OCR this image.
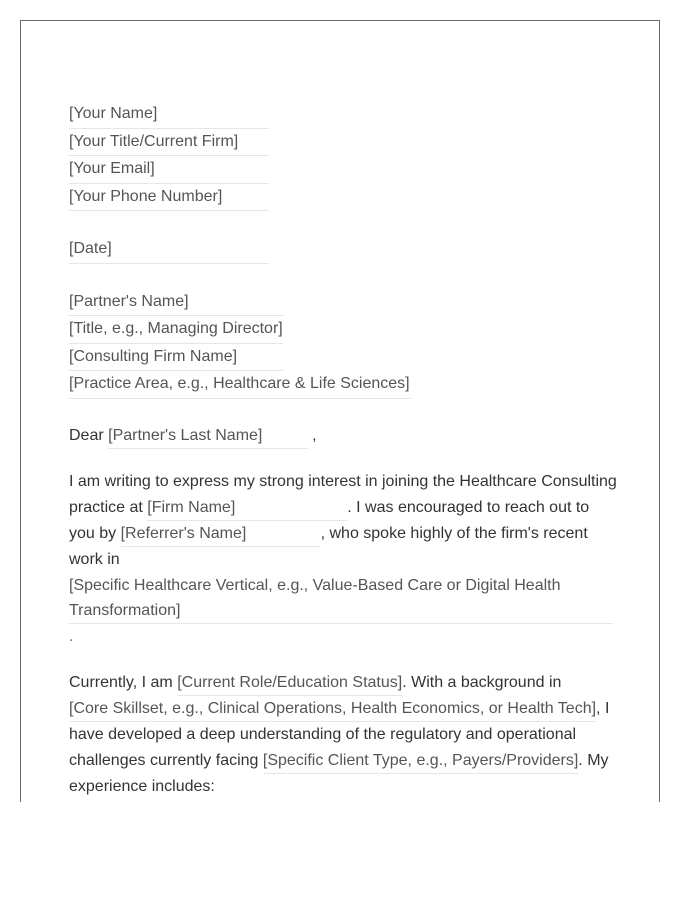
[Your Name]
[Your Title/Current Firm]
[Your Email]
[Your Phone Number]
[Date]
[Partner's Name]
[Title, e.g., Managing Director]
[Consulting Firm Name]
[Practice Area, e.g., Healthcare & Life Sciences]

Dear [Partner's Last Name]	,

I am writing to express my strong interest in joining the Healthcare Consulting practice at [Firm Name]	. I was encouraged to reach out to you by [Referrer's Name]	, who spoke highly of the firm's recent work in
[Specific Healthcare Vertical, e.g., Value-Based Care or Digital Health Transformation]
.

Currently, I am [Current Role/Education Status]. With a background in [Core Skillset, e.g., Clinical Operations, Health Economics, or Health Tech], I have developed a deep understanding of the regulatory and operational challenges currently facing [Specific Client Type, e.g., Payers/Providers]. My experience includes:
